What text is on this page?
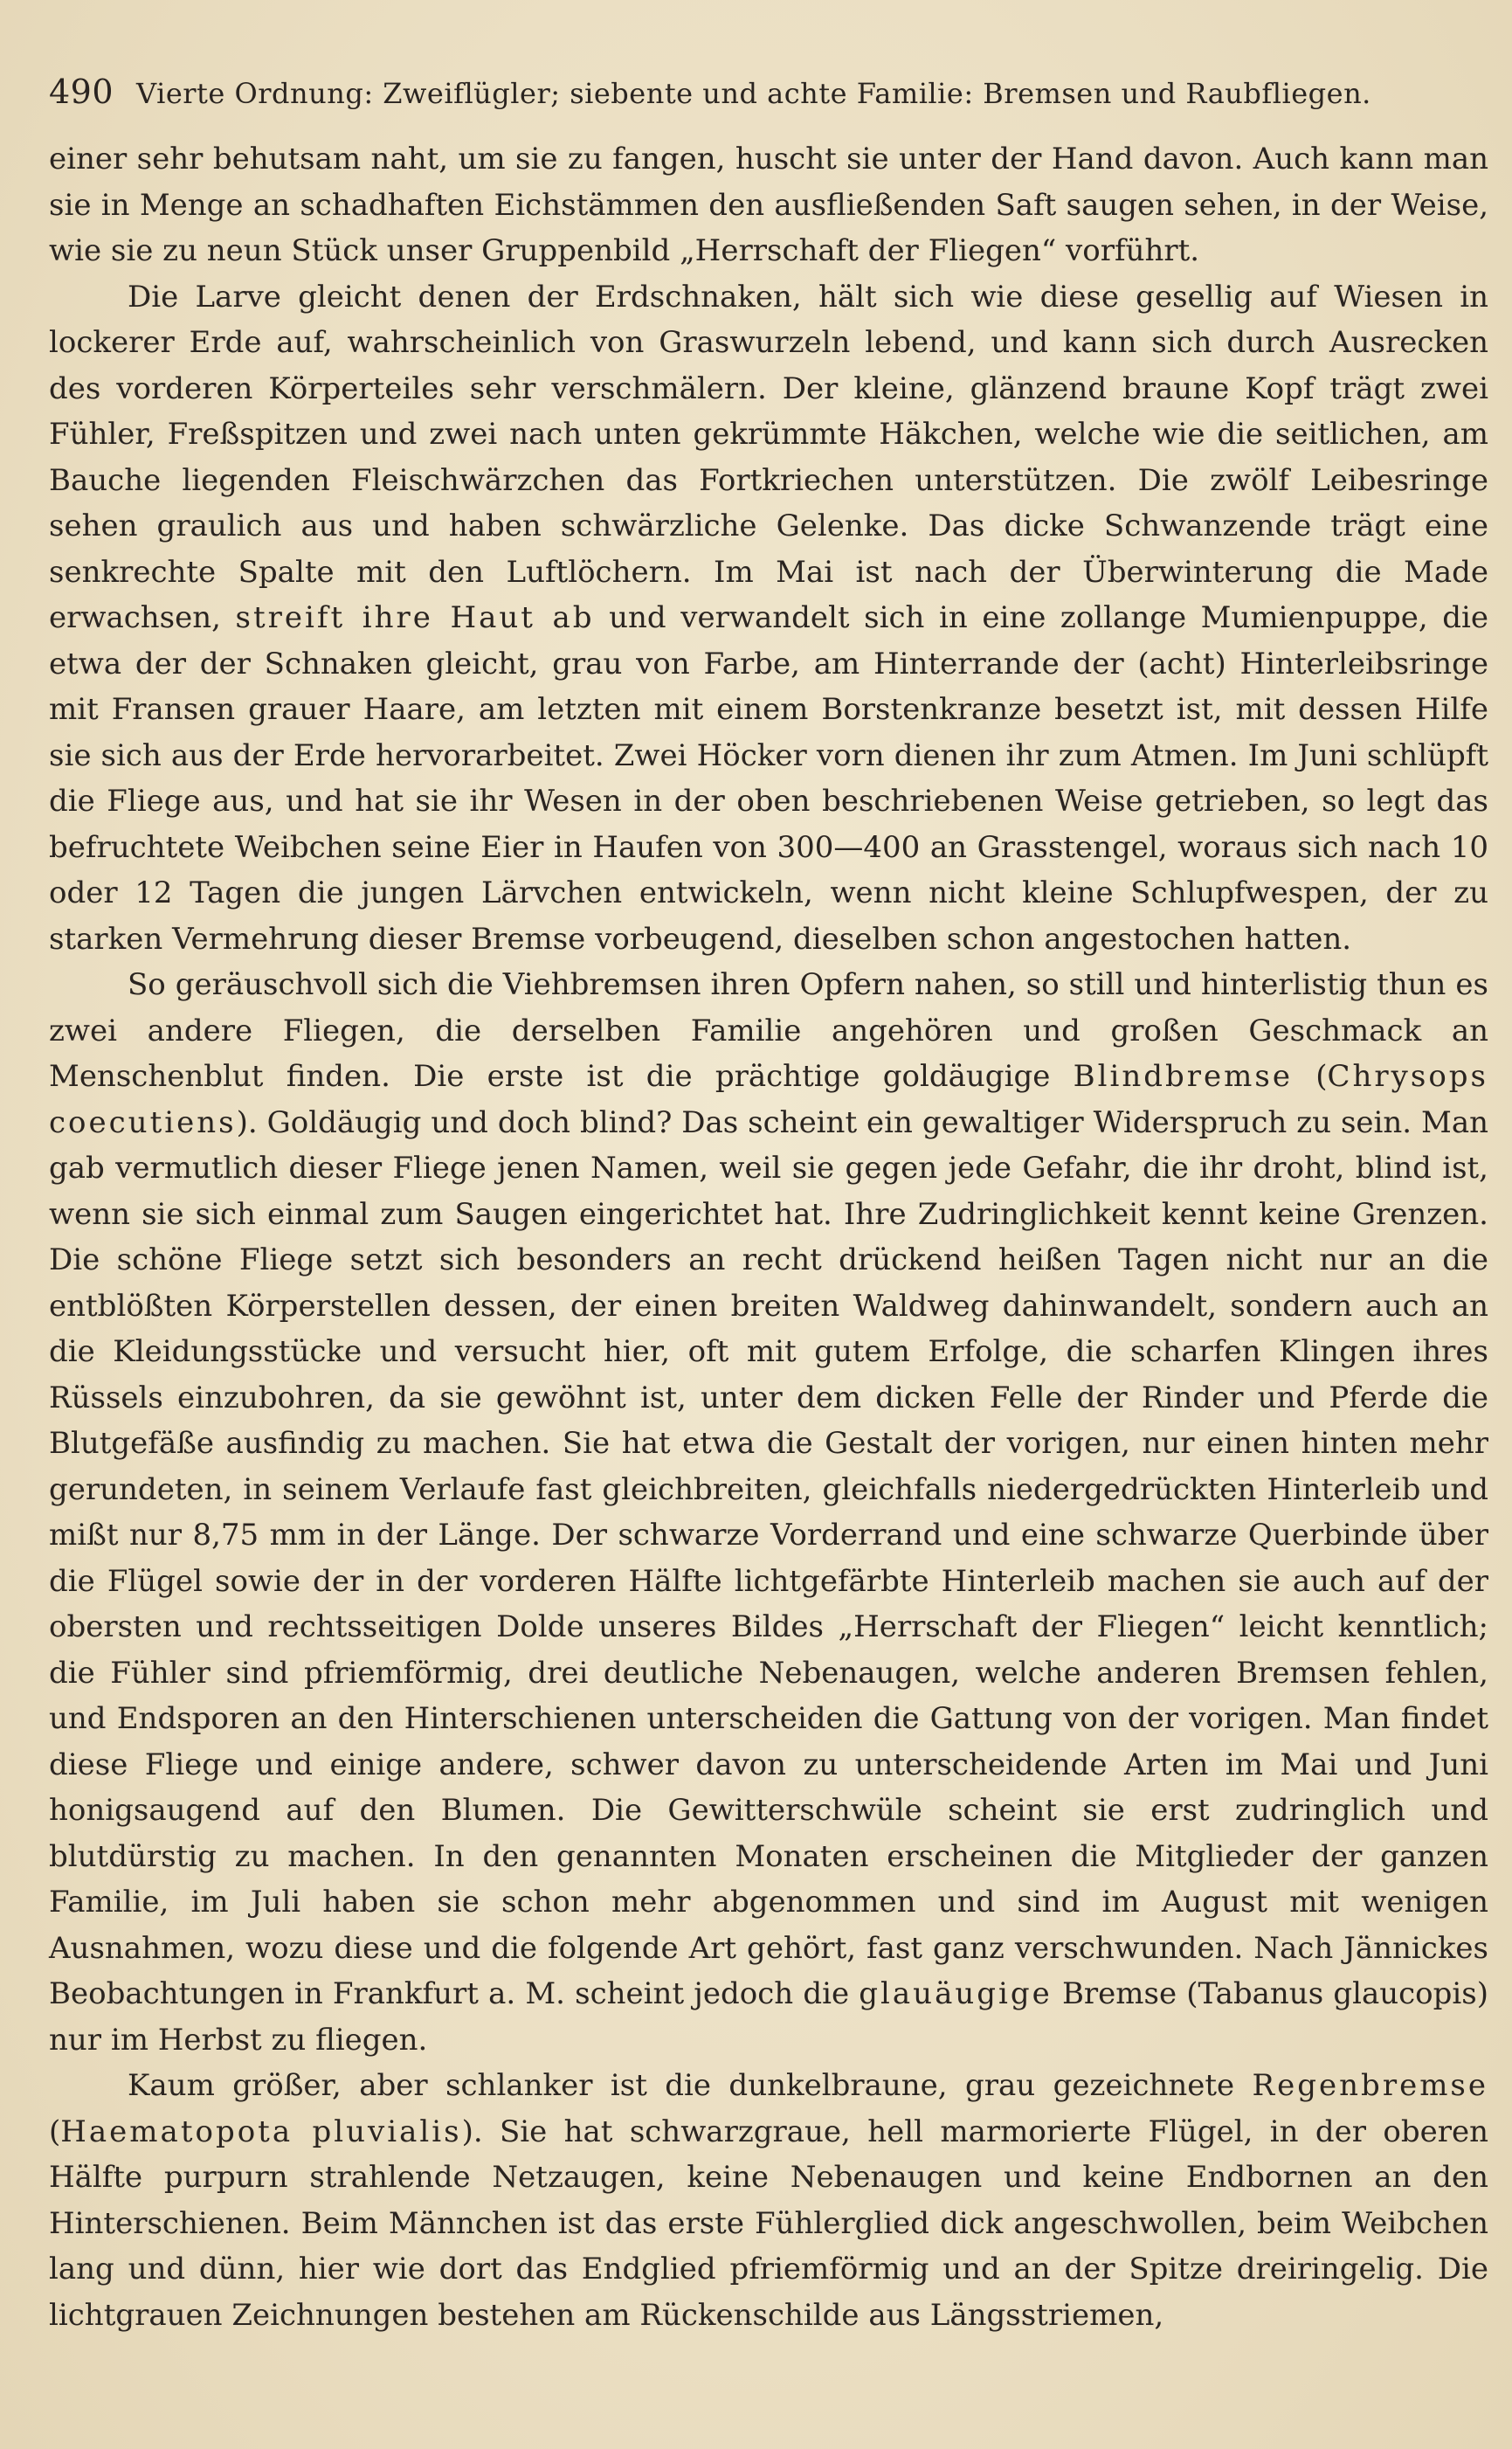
490 Vierte Ordnung: Zweiflügler; siebente und achte Familie: Bremsen und Raubfliegen.

einer sehr behutsam naht, um sie zu fangen, huscht sie unter der Hand davon. Auch kann man sie in Menge an schadhaften Eichstämmen den ausfließenden Saft saugen sehen, in der Weise, wie sie zu neun Stück unser Gruppenbild „Herrschaft der Fliegen“ vorführt.

Die Larve gleicht denen der Erdschnaken, hält sich wie diese gesellig auf Wiesen in lockerer Erde auf, wahrscheinlich von Graswurzeln lebend, und kann sich durch Ausrecken des vorderen Körperteiles sehr verschmälern. Der kleine, glänzend braune Kopf trägt zwei Fühler, Freßspitzen und zwei nach unten gekrümmte Häkchen, welche wie die seitlichen, am Bauche liegenden Fleischwärzchen das Fortkriechen unterstützen. Die zwölf Leibesringe sehen graulich aus und haben schwärzliche Gelenke. Das dicke Schwanzende trägt eine senkrechte Spalte mit den Luftlöchern. Im Mai ist nach der Überwinterung die Made erwachsen, streift ihre Haut ab und verwandelt sich in eine zollange Mumienpuppe, die etwa der der Schnaken gleicht, grau von Farbe, am Hinterrande der (acht) Hinterleibsringe mit Fransen grauer Haare, am letzten mit einem Borstenkranze besetzt ist, mit dessen Hilfe sie sich aus der Erde hervorarbeitet. Zwei Höcker vorn dienen ihr zum Atmen. Im Juni schlüpft die Fliege aus, und hat sie ihr Wesen in der oben beschriebenen Weise getrieben, so legt das befruchtete Weibchen seine Eier in Haufen von 300—400 an Grasstengel, woraus sich nach 10 oder 12 Tagen die jungen Lärvchen entwickeln, wenn nicht kleine Schlupfwespen, der zu starken Vermehrung dieser Bremse vorbeugend, dieselben schon angestochen hatten.

So geräuschvoll sich die Viehbremsen ihren Opfern nahen, so still und hinterlistig thun es zwei andere Fliegen, die derselben Familie angehören und großen Geschmack an Menschenblut finden. Die erste ist die prächtige goldäugige Blindbremse (Chrysops coecutiens). Goldäugig und doch blind? Das scheint ein gewaltiger Widerspruch zu sein. Man gab vermutlich dieser Fliege jenen Namen, weil sie gegen jede Gefahr, die ihr droht, blind ist, wenn sie sich einmal zum Saugen eingerichtet hat. Ihre Zudringlichkeit kennt keine Grenzen. Die schöne Fliege setzt sich besonders an recht drückend heißen Tagen nicht nur an die entblößten Körperstellen dessen, der einen breiten Waldweg dahinwandelt, sondern auch an die Kleidungsstücke und versucht hier, oft mit gutem Erfolge, die scharfen Klingen ihres Rüssels einzubohren, da sie gewöhnt ist, unter dem dicken Felle der Rinder und Pferde die Blutgefäße ausfindig zu machen. Sie hat etwa die Gestalt der vorigen, nur einen hinten mehr gerundeten, in seinem Verlaufe fast gleichbreiten, gleichfalls niedergedrückten Hinterleib und mißt nur 8,75 mm in der Länge. Der schwarze Vorderrand und eine schwarze Querbinde über die Flügel sowie der in der vorderen Hälfte lichtgefärbte Hinterleib machen sie auch auf der obersten und rechtsseitigen Dolde unseres Bildes „Herrschaft der Fliegen“ leicht kenntlich; die Fühler sind pfriemförmig, drei deutliche Nebenaugen, welche anderen Bremsen fehlen, und Endsporen an den Hinterschienen unterscheiden die Gattung von der vorigen. Man findet diese Fliege und einige andere, schwer davon zu unterscheidende Arten im Mai und Juni honigsaugend auf den Blumen. Die Gewitterschwüle scheint sie erst zudringlich und blutdürstig zu machen. In den genannten Monaten erscheinen die Mitglieder der ganzen Familie, im Juli haben sie schon mehr abgenommen und sind im August mit wenigen Ausnahmen, wozu diese und die folgende Art gehört, fast ganz verschwunden. Nach Jännickes Beobachtungen in Frankfurt a. M. scheint jedoch die glauäugige Bremse (Tabanus glaucopis) nur im Herbst zu fliegen.

Kaum größer, aber schlanker ist die dunkelbraune, grau gezeichnete Regenbremse (Haematopota pluvialis). Sie hat schwarzgraue, hell marmorierte Flügel, in der oberen Hälfte purpurn strahlende Netzaugen, keine Nebenaugen und keine Endbornen an den Hinterschienen. Beim Männchen ist das erste Fühlerglied dick angeschwollen, beim Weibchen lang und dünn, hier wie dort das Endglied pfriemförmig und an der Spitze dreiringelig. Die lichtgrauen Zeichnungen bestehen am Rückenschilde aus Längsstriemen,
